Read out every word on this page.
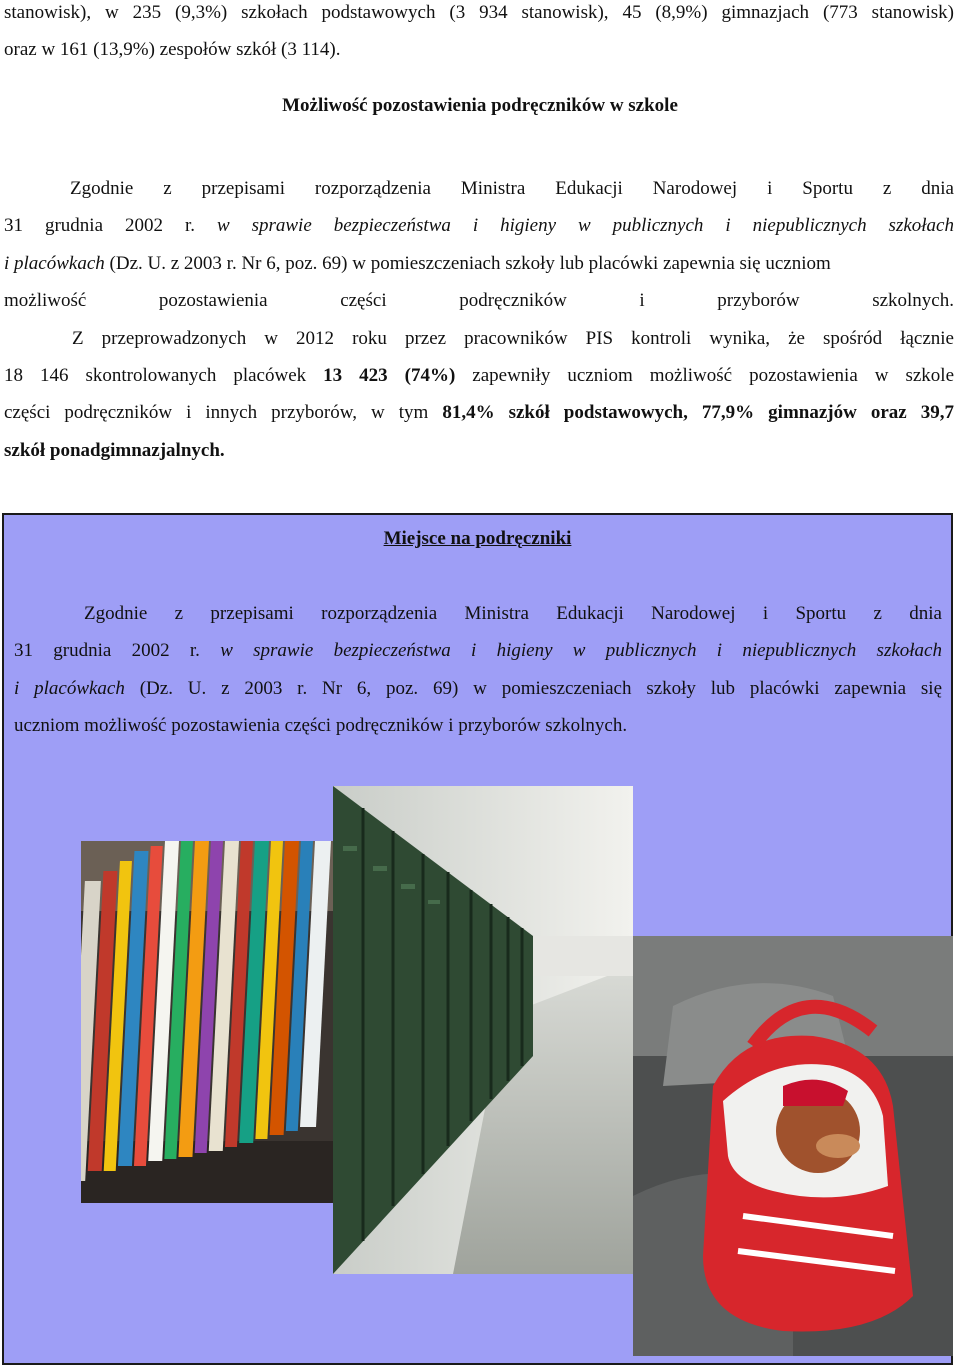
stanowisk), w 235 (9,3%) szkołach podstawowych (3 934 stanowisk), 45 (8,9%) gimnazjach (773 stanowisk)

oraz w 161 (13,9%) zespołów szkół (3 114).

Możliwość pozostawienia podręczników w szkole

Zgodnie z przepisami rozporządzenia Ministra Edukacji Narodowej i Sportu z dnia

31 grudnia 2002 r. w sprawie bezpieczeństwa i higieny w publicznych i niepublicznych szkołach

i placówkach (Dz. U. z 2003 r. Nr 6, poz. 69) w pomieszczeniach szkoły lub placówki zapewnia się uczniom

możliwość pozostawienia części podręczników i przyborów szkolnych.

Z przeprowadzonych w 2012 roku przez pracowników PIS kontroli wynika, że spośród łącznie

18 146 skontrolowanych placówek 13 423 (74%) zapewniły uczniom możliwość pozostawienia w szkole

części podręczników i innych przyborów, w tym 81,4% szkół podstawowych, 77,9% gimnazjów oraz 39,7

szkół ponadgimnazjalnych.

Miejsce na podręczniki

Zgodnie z przepisami rozporządzenia Ministra Edukacji Narodowej i Sportu z dnia

31 grudnia 2002 r. w sprawie bezpieczeństwa i higieny w publicznych i niepublicznych szkołach

i placówkach (Dz. U. z 2003 r. Nr 6, poz. 69) w pomieszczeniach szkoły lub placówki zapewnia się

uczniom możliwość pozostawienia części podręczników i przyborów szkolnych.
